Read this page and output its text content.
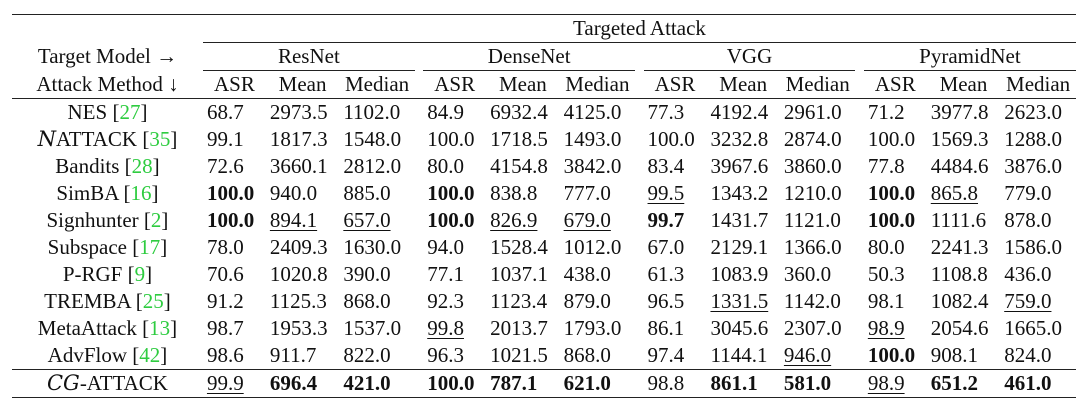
	Targeted Attack														
Target Model →	ResNet				DenseNet				VGG				PyramidNet		
Attack Method ↓	ASR	Mean	Median		ASR	Mean	Median		ASR	Mean	Median		ASR	Mean	Median
NES [27]	68.7	2973.5	1102.0		84.9	6932.4	4125.0		77.3	4192.4	2961.0		71.2	3977.8	2623.0
NATTACK [35]	99.1	1817.3	1548.0		100.0	1718.5	1493.0		100.0	3232.8	2874.0		100.0	1569.3	1288.0
Bandits [28]	72.6	3660.1	2812.0		80.0	4154.8	3842.0		83.4	3967.6	3860.0		77.8	4484.6	3876.0
SimBA [16]	100.0	940.0	885.0		100.0	838.8	777.0		99.5	1343.2	1210.0		100.0	865.8	779.0
Signhunter [2]	100.0	894.1	657.0		100.0	826.9	679.0		99.7	1431.7	1121.0		100.0	1111.6	878.0
Subspace [17]	78.0	2409.3	1630.0		94.0	1528.4	1012.0		67.0	2129.1	1366.0		80.0	2241.3	1586.0
P-RGF [9]	70.6	1020.8	390.0		77.1	1037.1	438.0		61.3	1083.9	360.0		50.3	1108.8	436.0
TREMBA [25]	91.2	1125.3	868.0		92.3	1123.4	879.0		96.5	1331.5	1142.0		98.1	1082.4	759.0
MetaAttack [13]	98.7	1953.3	1537.0		99.8	2013.7	1793.0		86.1	3045.6	2307.0		98.9	2054.6	1665.0
AdvFlow [42]	98.6	911.7	822.0		96.3	1021.5	868.0		97.4	1144.1	946.0		100.0	908.1	824.0
CG-ATTACK	99.9	696.4	421.0		100.0	787.1	621.0		98.8	861.1	581.0		98.9	651.2	461.0
